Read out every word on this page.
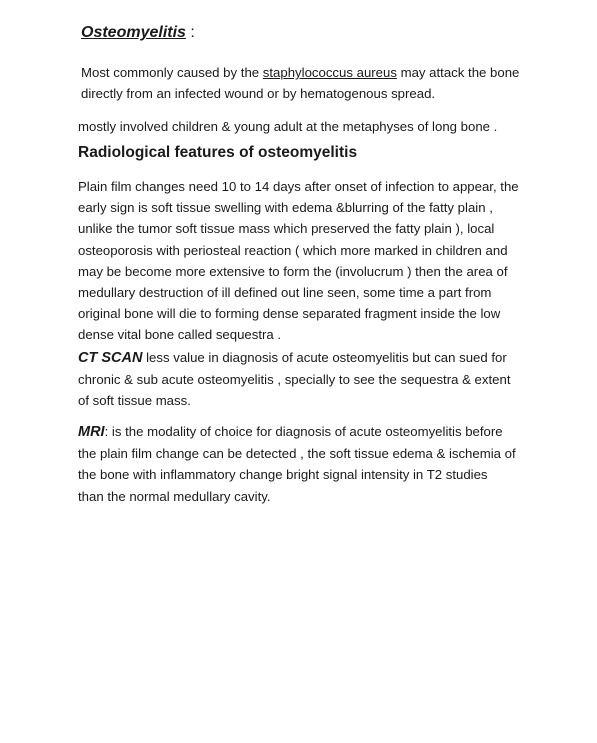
Osteomyelitis :
Most commonly caused by the staphylococcus aureus may attack the bone
directly from an infected wound or by hematogenous spread.
mostly involved children & young adult at the metaphyses of long bone .
Radiological features of osteomyelitis
Plain film changes need 10 to 14 days after onset of infection to appear, the
early sign is soft tissue swelling with edema &blurring of the fatty plain ,
unlike the tumor soft tissue mass which preserved the fatty plain ), local
osteoporosis with periosteal reaction ( which more marked in children and
may be become more extensive to form the (involucrum ) then the area of
medullary destruction of ill defined out line seen, some time a part from
original bone will die to forming dense separated fragment inside the low
dense vital bone called sequestra .
CT SCAN less value in diagnosis of acute osteomyelitis but can sued for
chronic & sub acute osteomyelitis , specially to see the sequestra & extent
of soft tissue mass.
MRI: is the modality of choice for diagnosis of acute osteomyelitis before
the plain film change can be detected , the soft tissue edema & ischemia of
the bone with inflammatory change bright signal intensity in T2 studies
than the normal medullary cavity.
